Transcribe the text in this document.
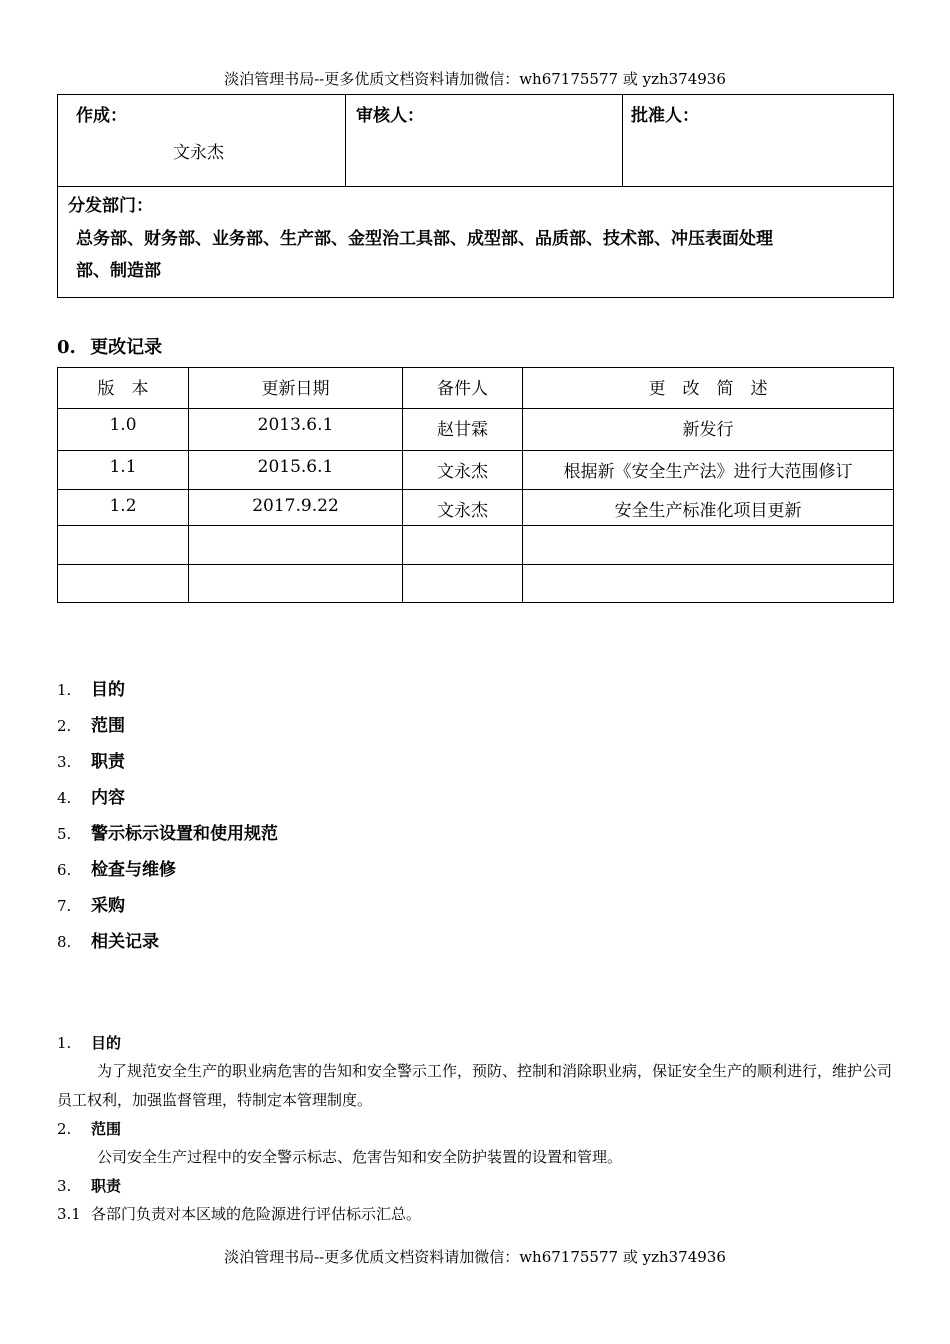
淡泊管理书局--更多优质文档资料请加微信：wh67175577 或 yzh374936
作成：
文永杰

审核人：	批准人：

分发部门：
总务部、财务部、业务部、生产部、金型治工具部、成型部、品质部、技术部、冲压表面处理
部、制造部
0. 更改记录
版　本	更新日期	备件人	更　改　简　述
1.0	2013.6.1	赵甘霖	新发行
1.1	2015.6.1	文永杰	根据新《安全生产法》进行大范围修订
1.2	2017.9.22	文永杰	安全生产标准化项目更新

1. 目的
2. 范围
3. 职责
4. 内容
5. 警示标示设置和使用规范
6. 检查与维修
7. 采购
8. 相关记录
1. 目的
为了规范安全生产的职业病危害的告知和安全警示工作，预防、控制和消除职业病，保证安全生产的顺利进行，维护公司员工权利，加强监督管理，特制定本管理制度。
2. 范围
公司安全生产过程中的安全警示标志、危害告知和安全防护装置的设置和管理。
3. 职责
3.1 各部门负责对本区域的危险源进行评估标示汇总。
淡泊管理书局--更多优质文档资料请加微信：wh67175577 或 yzh374936
